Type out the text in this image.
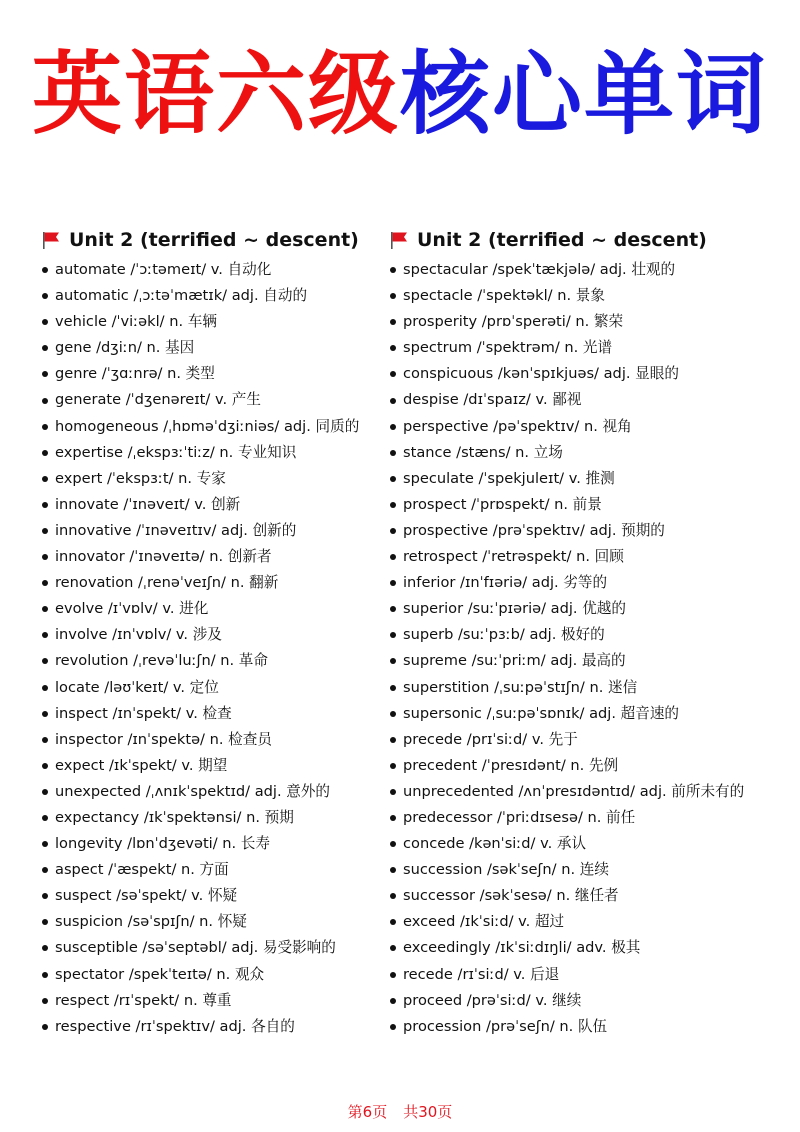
英语六级核心单词
Unit 2 (terrified ~ descent)
automate /ˈɔːtəmeɪt/ v. 自动化
automatic /ˌɔːtəˈmætɪk/ adj. 自动的
vehicle /ˈviːəkl/ n. 车辆
gene /dʒiːn/ n. 基因
genre /ˈʒɑːnrə/ n. 类型
generate /ˈdʒenəreɪt/ v. 产生
homogeneous /ˌhɒməˈdʒiːniəs/ adj. 同质的
expertise /ˌekspɜːˈtiːz/ n. 专业知识
expert /ˈekspɜːt/ n. 专家
innovate /ˈɪnəveɪt/ v. 创新
innovative /ˈɪnəveɪtɪv/ adj. 创新的
innovator /ˈɪnəveɪtə/ n. 创新者
renovation /ˌrenəˈveɪʃn/ n. 翻新
evolve /ɪˈvɒlv/ v. 进化
involve /ɪnˈvɒlv/ v. 涉及
revolution /ˌrevəˈluːʃn/ n. 革命
locate /ləʊˈkeɪt/ v. 定位
inspect /ɪnˈspekt/ v. 检查
inspector /ɪnˈspektə/ n. 检查员
expect /ɪkˈspekt/ v. 期望
unexpected /ˌʌnɪkˈspektɪd/ adj. 意外的
expectancy /ɪkˈspektənsi/ n. 预期
longevity /lɒnˈdʒevəti/ n. 长寿
aspect /ˈæspekt/ n. 方面
suspect /səˈspekt/ v. 怀疑
suspicion /səˈspɪʃn/ n. 怀疑
susceptible /səˈseptəbl/ adj. 易受影响的
spectator /spekˈteɪtə/ n. 观众
respect /rɪˈspekt/ n. 尊重
respective /rɪˈspektɪv/ adj. 各自的
Unit 2 (terrified ~ descent)
spectacular /spekˈtækjələ/ adj. 壮观的
spectacle /ˈspektəkl/ n. 景象
prosperity /prɒˈsperəti/ n. 繁荣
spectrum /ˈspektrəm/ n. 光谱
conspicuous /kənˈspɪkjuəs/ adj. 显眼的
despise /dɪˈspaɪz/ v. 鄙视
perspective /pəˈspektɪv/ n. 视角
stance /stæns/ n. 立场
speculate /ˈspekjuleɪt/ v. 推测
prospect /ˈprɒspekt/ n. 前景
prospective /prəˈspektɪv/ adj. 预期的
retrospect /ˈretrəspekt/ n. 回顾
inferior /ɪnˈfɪəriə/ adj. 劣等的
superior /suːˈpɪəriə/ adj. 优越的
superb /suːˈpɜːb/ adj. 极好的
supreme /suːˈpriːm/ adj. 最高的
superstition /ˌsuːpəˈstɪʃn/ n. 迷信
supersonic /ˌsuːpəˈsɒnɪk/ adj. 超音速的
precede /prɪˈsiːd/ v. 先于
precedent /ˈpresɪdənt/ n. 先例
unprecedented /ʌnˈpresɪdəntɪd/ adj. 前所未有的
predecessor /ˈpriːdɪsesə/ n. 前任
concede /kənˈsiːd/ v. 承认
succession /səkˈseʃn/ n. 连续
successor /səkˈsesə/ n. 继任者
exceed /ɪkˈsiːd/ v. 超过
exceedingly /ɪkˈsiːdɪŋli/ adv. 极其
recede /rɪˈsiːd/ v. 后退
proceed /prəˈsiːd/ v. 继续
procession /prəˈseʃn/ n. 队伍
第6页 共30页
